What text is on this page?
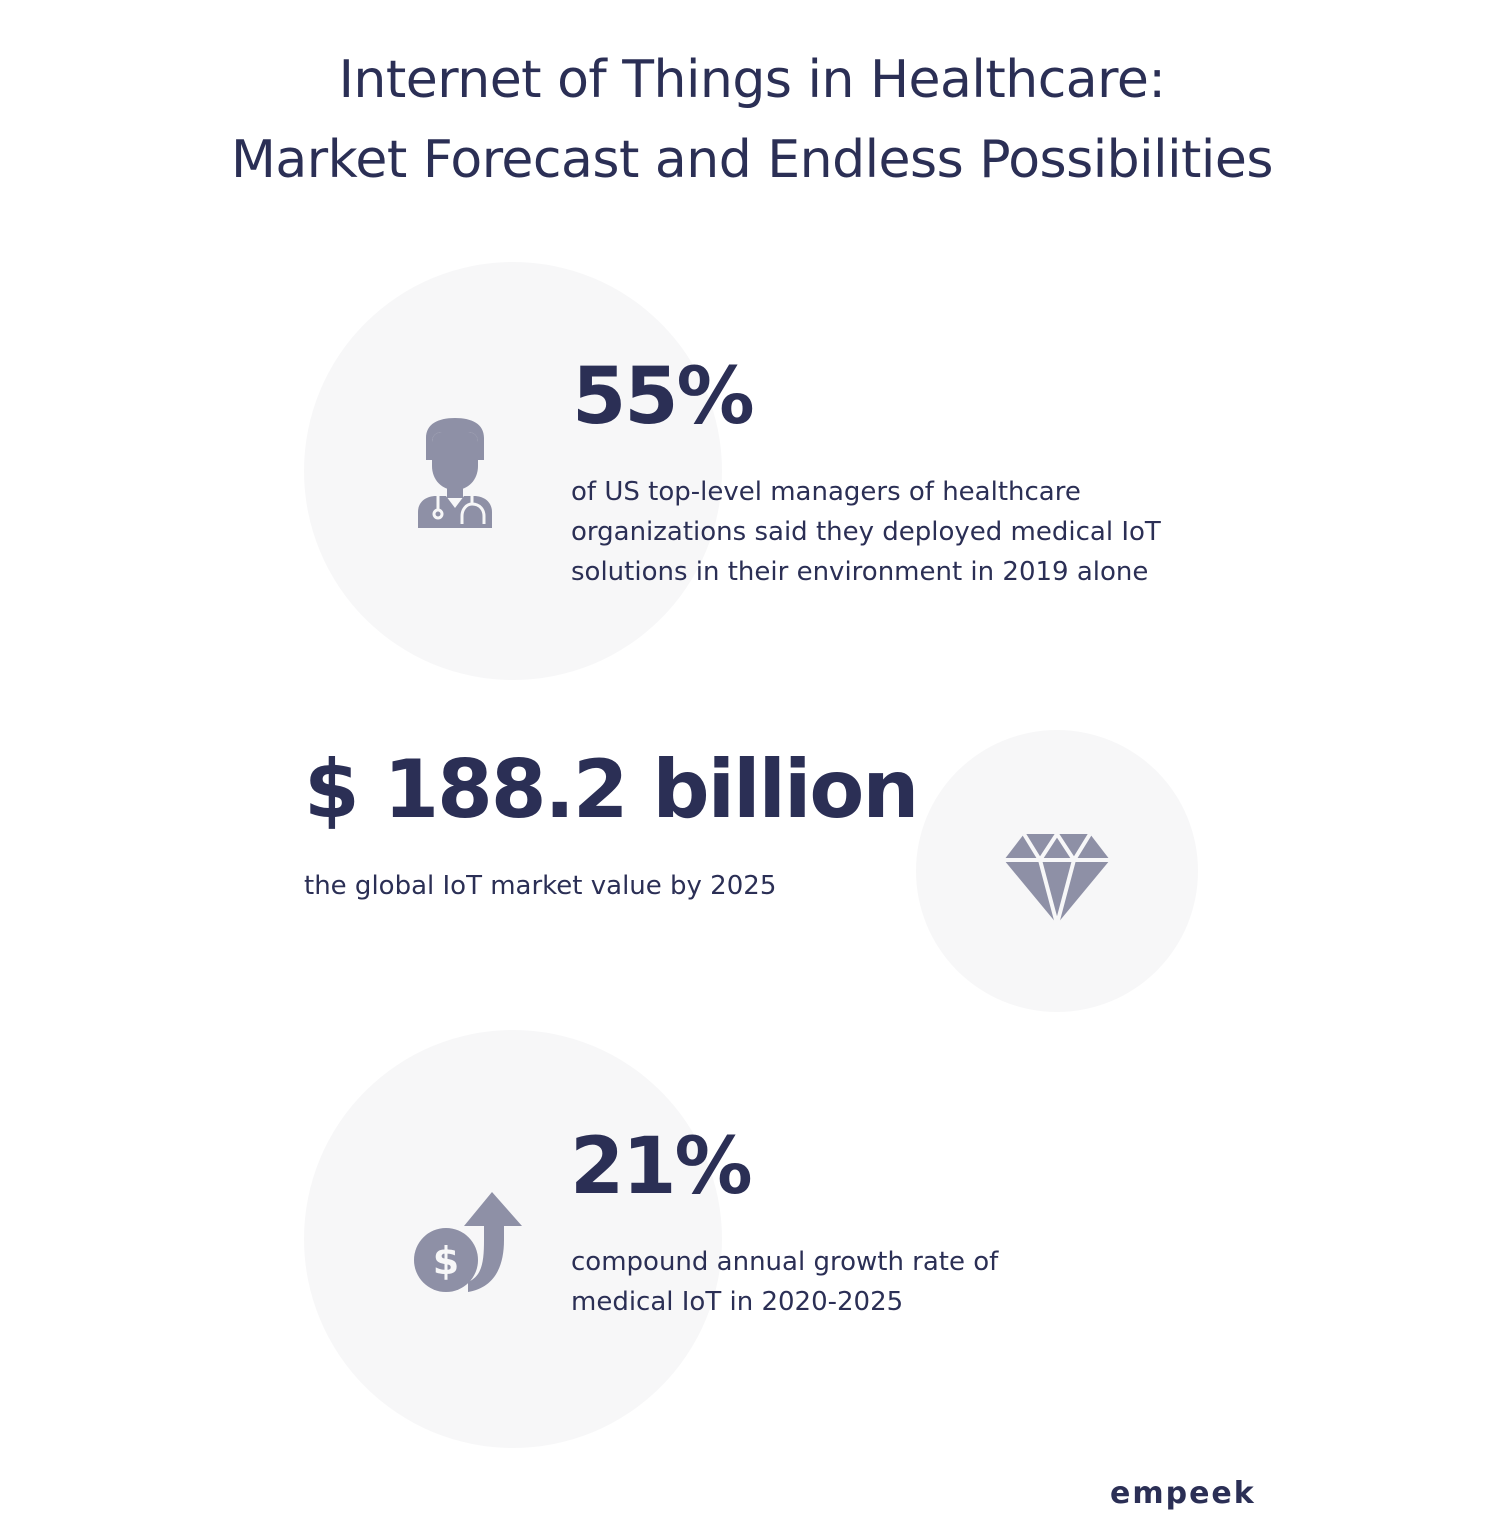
Internet of Things in Healthcare:
Market Forecast and Endless Possibilities
55%
of US top-level managers of healthcare
organizations said they deployed medical IoT
solutions in their environment in 2019 alone
$ 188.2 billion
the global IoT market value by 2025
$
21%
compound annual growth rate of
medical IoT in 2020-2025
empeek
